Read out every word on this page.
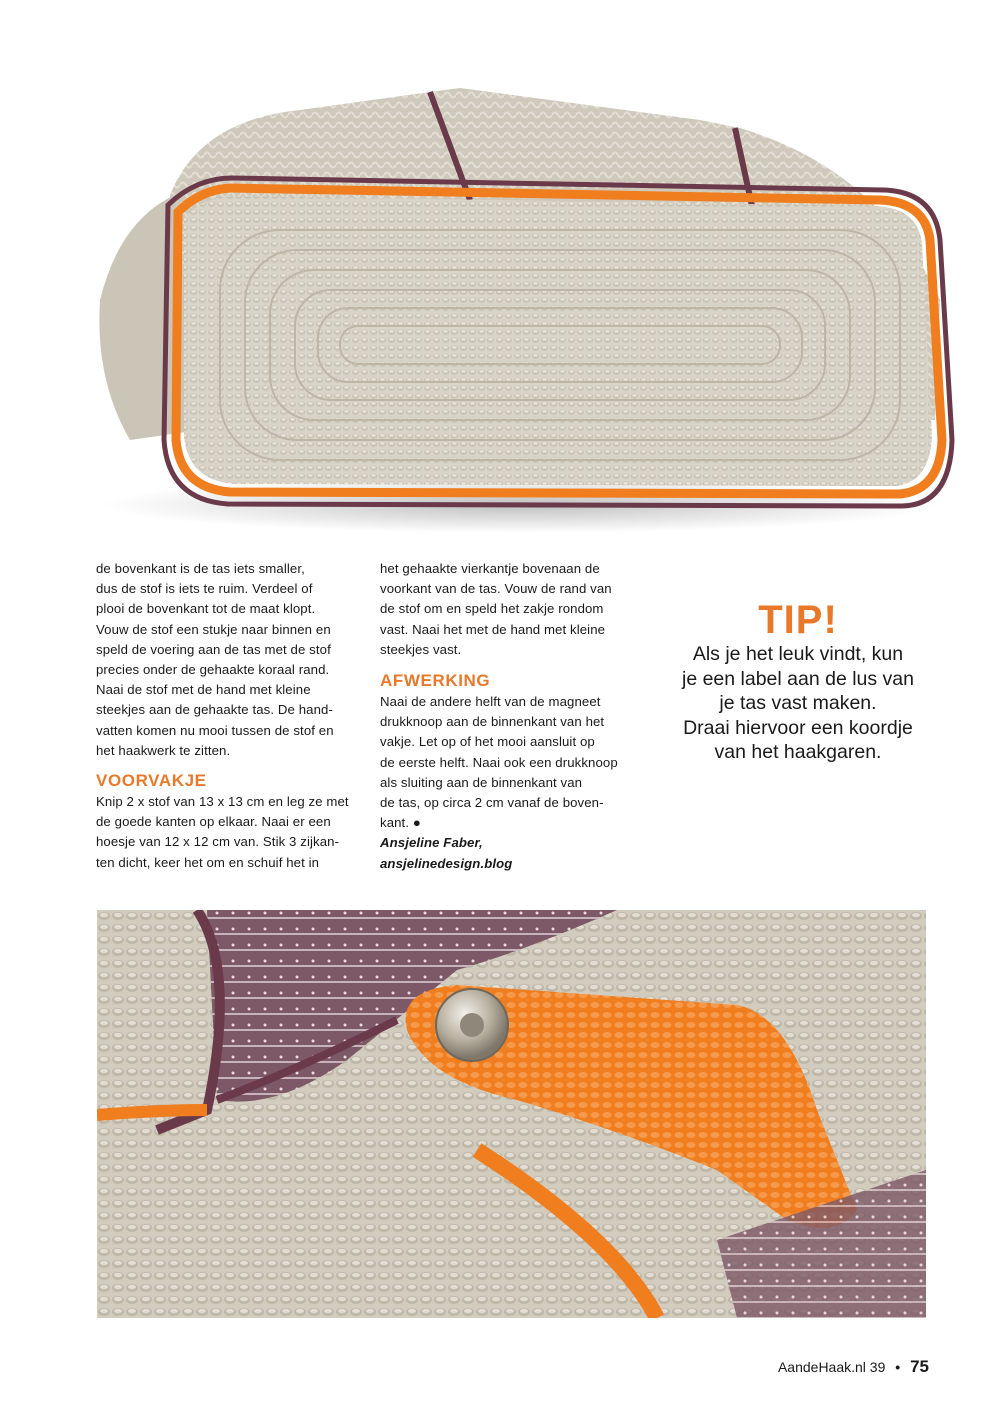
de bovenkant is de tas iets smaller,

dus de stof is iets te ruim. Verdeel of

plooi de bovenkant tot de maat klopt.

Vouw de stof een stukje naar binnen en

speld de voering aan de tas met de stof

precies onder de gehaakte koraal rand.

Naai de stof met de hand met kleine

steekjes aan de gehaakte tas. De hand-

vatten komen nu mooi tussen de stof en

het haakwerk te zitten.

VOORVAKJE

Knip 2 x stof van 13 x 13 cm en leg ze met

de goede kanten op elkaar. Naai er een

hoesje van 12 x 12 cm van. Stik 3 zijkan-

ten dicht, keer het om en schuif het in

het gehaakte vierkantje bovenaan de

voorkant van de tas. Vouw de rand van

de stof om en speld het zakje rondom

vast. Naai het met de hand met kleine

steekjes vast.

AFWERKING

Naai de andere helft van de magneet

drukknoop aan de binnenkant van het

vakje. Let op of het mooi aansluit op

de eerste helft. Naai ook een drukknoop

als sluiting aan de binnenkant van

de tas, op circa 2 cm vanaf de boven-

kant. ●

Ansjeline Faber,

ansjelinedesign.blog

TIP!
Als je het leuk vindt, kun
je een label aan de lus van
je tas vast maken.
Draai hiervoor een koordje
van het haakgaren.
AandeHaak.nl 39 • 75
